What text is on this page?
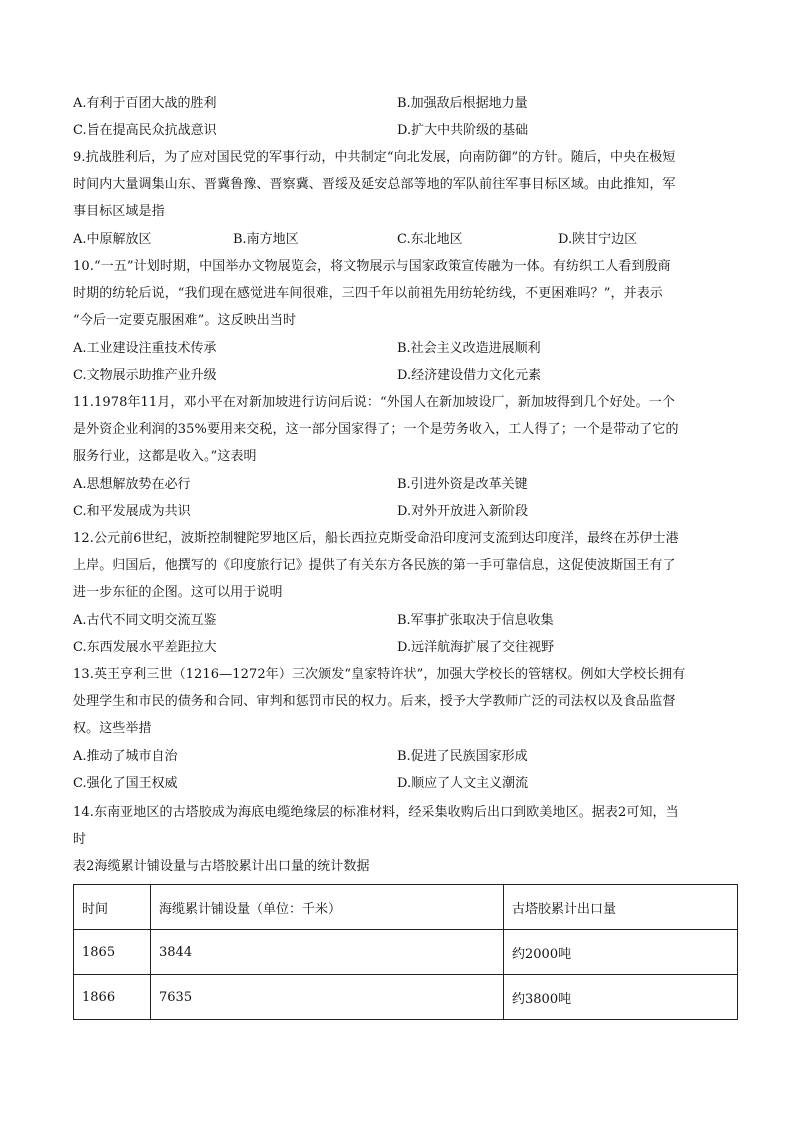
A.有利于百团大战的胜利	B.加强敌后根据地力量
C.旨在提高民众抗战意识	D.扩大中共阶级的基础
9.抗战胜利后，为了应对国民党的军事行动，中共制定“向北发展，向南防御”的方针。随后，中央在极短
时间内大量调集山东、晋冀鲁豫、晋察冀、晋绥及延安总部等地的军队前往军事目标区域。由此推知，军
事目标区域是指
A.中原解放区	B.南方地区	C.东北地区	D.陕甘宁边区
10.“一五”计划时期，中国举办文物展览会，将文物展示与国家政策宣传融为一体。有纺织工人看到殷商
时期的纺轮后说，“我们现在感觉进车间很难，三四千年以前祖先用纺轮纺线，不更困难吗？”，并表示
“今后一定要克服困难”。这反映出当时
A.工业建设注重技术传承	B.社会主义改造进展顺利
C.文物展示助推产业升级	D.经济建设借力文化元素
11.1978年11月，邓小平在对新加坡进行访问后说：“外国人在新加坡设厂，新加坡得到几个好处。一个
是外资企业利润的35%要用来交税，这一部分国家得了；一个是劳务收入，工人得了；一个是带动了它的
服务行业，这都是收入。”这表明
A.思想解放势在必行	B.引进外资是改革关键
C.和平发展成为共识	D.对外开放进入新阶段
12.公元前6世纪，波斯控制犍陀罗地区后，船长西拉克斯受命沿印度河支流到达印度洋，最终在苏伊士港
上岸。归国后，他撰写的《印度旅行记》提供了有关东方各民族的第一手可靠信息，这促使波斯国王有了
进一步东征的企图。这可以用于说明
A.古代不同文明交流互鉴	B.军事扩张取决于信息收集
C.东西发展水平差距拉大	D.远洋航海扩展了交往视野
13.英王亨利三世（1216—1272年）三次颁发“皇家特许状”，加强大学校长的管辖权。例如大学校长拥有
处理学生和市民的债务和合同、审判和惩罚市民的权力。后来，授予大学教师广泛的司法权以及食品监督
权。这些举措
A.推动了城市自治	B.促进了民族国家形成
C.强化了国王权威	D.顺应了人文主义潮流
14.东南亚地区的古塔胶成为海底电缆绝缘层的标准材料，经采集收购后出口到欧美地区。据表2可知，当
时
表2海缆累计铺设量与古塔胶累计出口量的统计数据
时间	海缆累计铺设量（单位：千米）	古塔胶累计出口量
1865	3844	约2000吨
1866	7635	约3800吨
